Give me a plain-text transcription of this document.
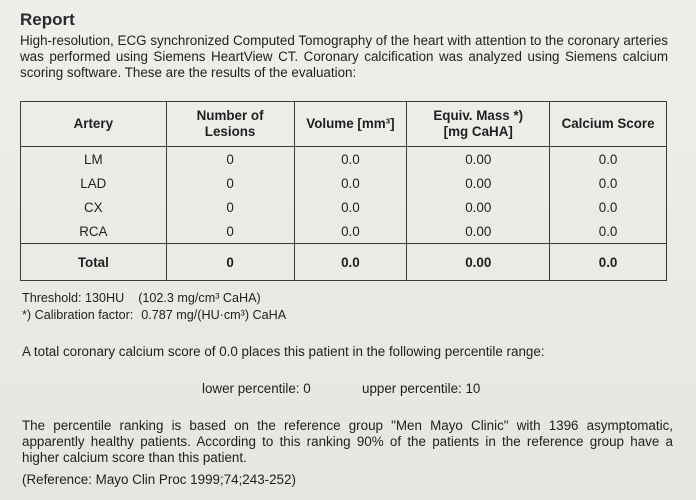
Report
High-resolution, ECG synchronized Computed Tomography of the heart with attention to the coronary arteries was performed using Siemens HeartView CT. Coronary calcification was analyzed using Siemens calcium scoring software. These are the results of the evaluation:
Artery	Number of Lesions	Volume [mm³]	Equiv. Mass *) [mg CaHA]	Calcium Score
LM	0	0.0	0.00	0.0
LAD	0	0.0	0.00	0.0
CX	0	0.0	0.00	0.0
RCA	0	0.0	0.00	0.0
Total	0	0.0	0.00	0.0
Threshold: 130HU (102.3 mg/cm³ CaHA)
*) Calibration factor: 0.787 mg/(HU·cm³) CaHA
A total coronary calcium score of 0.0 places this patient in the following percentile range:
lower percentile: 0	upper percentile: 10
The percentile ranking is based on the reference group "Men Mayo Clinic" with 1396 asymptomatic, apparently healthy patients. According to this ranking 90% of the patients in the reference group have a higher calcium score than this patient.
(Reference: Mayo Clin Proc 1999;74;243-252)
